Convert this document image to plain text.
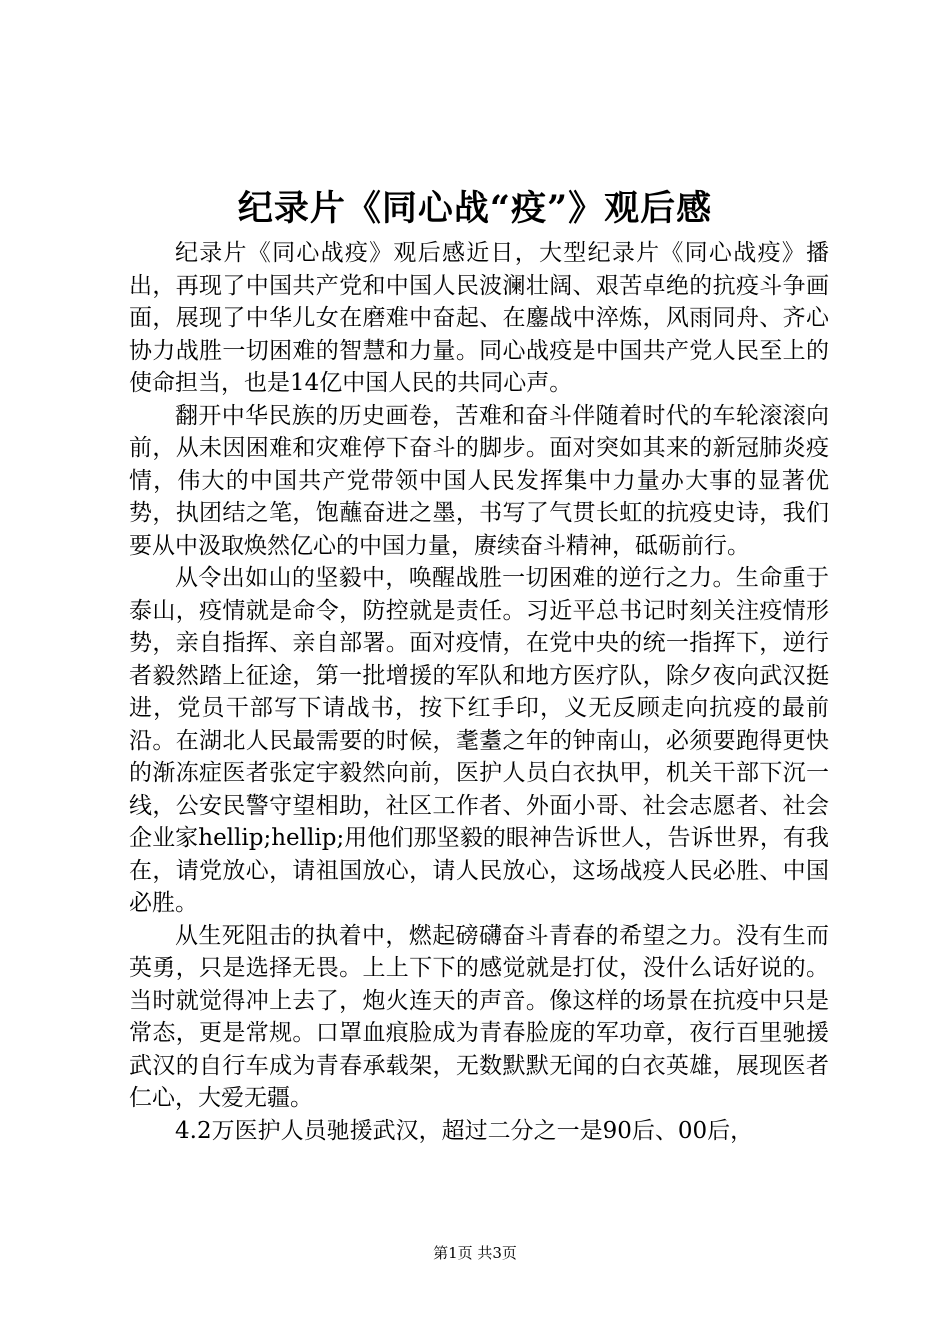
纪录片《同心战“疫”》观后感

纪录片《同心战疫》观后感近日，大型纪录片《同心战疫》播出，再现了中国共产党和中国人民波澜壮阔、艰苦卓绝的抗疫斗争画面，展现了中华儿女在磨难中奋起、在鏖战中淬炼，风雨同舟、齐心协力战胜一切困难的智慧和力量。同心战疫是中国共产党人民至上的使命担当，也是14亿中国人民的共同心声。

翻开中华民族的历史画卷，苦难和奋斗伴随着时代的车轮滚滚向前，从未因困难和灾难停下奋斗的脚步。面对突如其来的新冠肺炎疫情，伟大的中国共产党带领中国人民发挥集中力量办大事的显著优势，执团结之笔，饱蘸奋进之墨，书写了气贯长虹的抗疫史诗，我们要从中汲取焕然亿心的中国力量，赓续奋斗精神，砥砺前行。

从令出如山的坚毅中，唤醒战胜一切困难的逆行之力。生命重于泰山，疫情就是命令，防控就是责任。习近平总书记时刻关注疫情形势，亲自指挥、亲自部署。面对疫情，在党中央的统一指挥下，逆行者毅然踏上征途，第一批增援的军队和地方医疗队，除夕夜向武汉挺进，党员干部写下请战书，按下红手印，义无反顾走向抗疫的最前沿。在湖北人民最需要的时候，耄耋之年的钟南山，必须要跑得更快的渐冻症医者张定宇毅然向前，医护人员白衣执甲，机关干部下沉一线，公安民警守望相助，社区工作者、外面小哥、社会志愿者、社会企业家hellip;hellip;用他们那坚毅的眼神告诉世人，告诉世界，有我在，请党放心，请祖国放心，请人民放心，这场战疫人民必胜、中国必胜。

从生死阻击的执着中，燃起磅礴奋斗青春的希望之力。没有生而英勇，只是选择无畏。上上下下的感觉就是打仗，没什么话好说的。当时就觉得冲上去了，炮火连天的声音。像这样的场景在抗疫中只是常态，更是常规。口罩血痕脸成为青春脸庞的军功章，夜行百里驰援武汉的自行车成为青春承载架，无数默默无闻的白衣英雄，展现医者仁心，大爱无疆。

4.2万医护人员驰援武汉，超过二分之一是90后、00后，

第1页 共3页
